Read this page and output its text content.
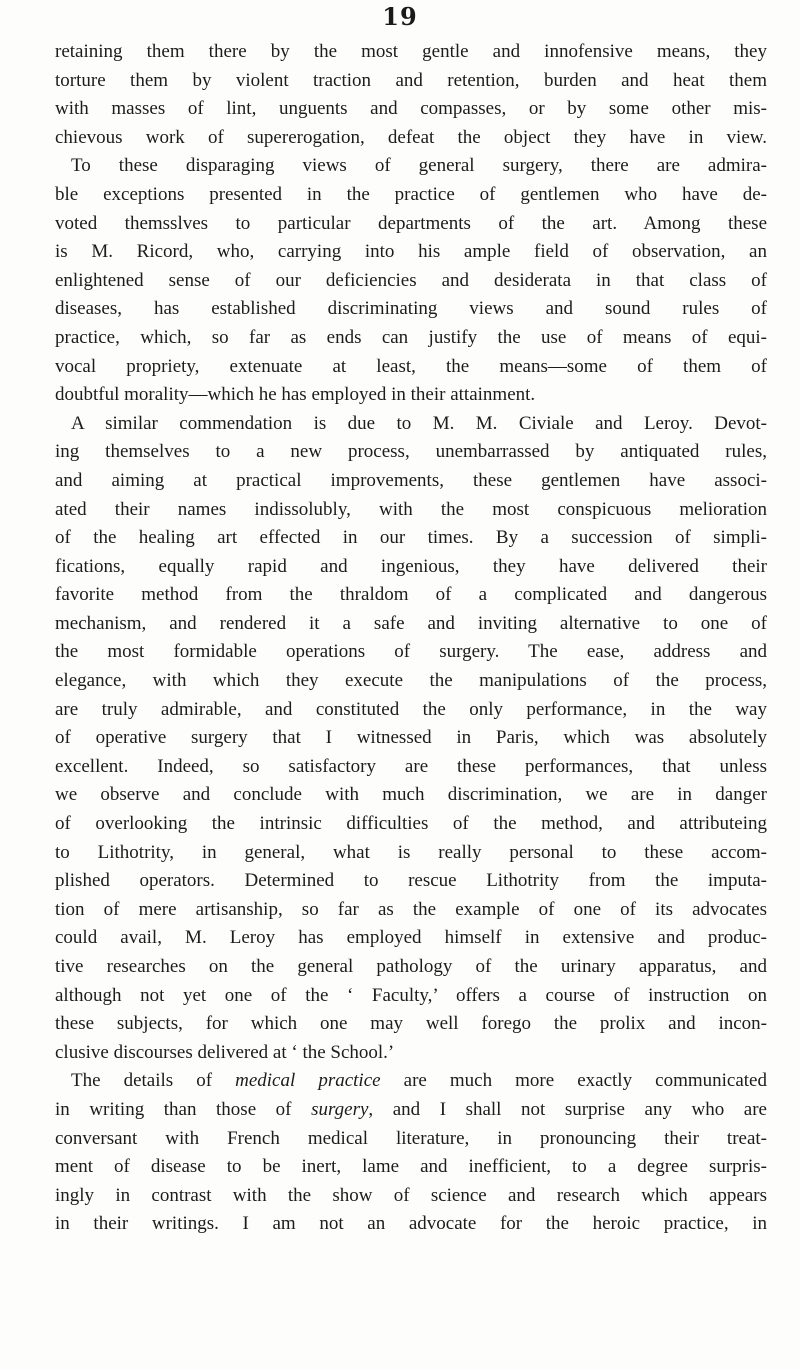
19
retaining them there by the most gentle and innofensive means, they
torture them by violent traction and retention, burden and heat them
with masses of lint, unguents and compasses, or by some other mis-
chievous work of supererogation, defeat the object they have in view.
To these disparaging views of general surgery, there are admira-
ble exceptions presented in the practice of gentlemen who have de-
voted themsslves to particular departments of the art. Among these
is M. Ricord, who, carrying into his ample field of observation, an
enlightened sense of our deficiencies and desiderata in that class of
diseases, has established discriminating views and sound rules of
practice, which, so far as ends can justify the use of means of equi-
vocal propriety, extenuate at least, the means—some of them of
doubtful morality—which he has employed in their attainment.
A similar commendation is due to M. M. Civiale and Leroy. Devot-
ing themselves to a new process, unembarrassed by antiquated rules,
and aiming at practical improvements, these gentlemen have associ-
ated their names indissolubly, with the most conspicuous melioration
of the healing art effected in our times. By a succession of simpli-
fications, equally rapid and ingenious, they have delivered their
favorite method from the thraldom of a complicated and dangerous
mechanism, and rendered it a safe and inviting alternative to one of
the most formidable operations of surgery. The ease, address and
elegance, with which they execute the manipulations of the process,
are truly admirable, and constituted the only performance, in the way
of operative surgery that I witnessed in Paris, which was absolutely
excellent. Indeed, so satisfactory are these performances, that unless
we observe and conclude with much discrimination, we are in danger
of overlooking the intrinsic difficulties of the method, and attributeing
to Lithotrity, in general, what is really personal to these accom-
plished operators. Determined to rescue Lithotrity from the imputa-
tion of mere artisanship, so far as the example of one of its advocates
could avail, M. Leroy has employed himself in extensive and produc-
tive researches on the general pathology of the urinary apparatus, and
although not yet one of the ‘ Faculty,’ offers a course of instruction on
these subjects, for which one may well forego the prolix and incon-
clusive discourses delivered at ‘ the School.’
The details of medical practice are much more exactly communicated
in writing than those of surgery, and I shall not surprise any who are
conversant with French medical literature, in pronouncing their treat-
ment of disease to be inert, lame and inefficient, to a degree surpris-
ingly in contrast with the show of science and research which appears
in their writings. I am not an advocate for the heroic practice, in
